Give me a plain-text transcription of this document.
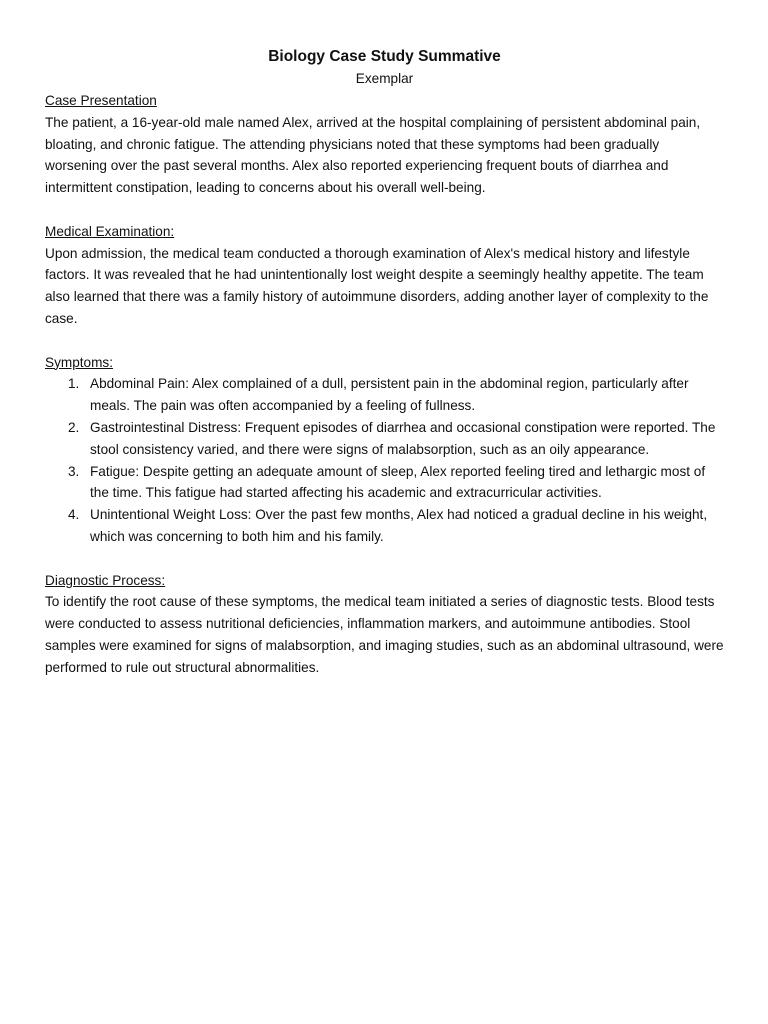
Biology Case Study Summative

Exemplar

Case Presentation

The patient, a 16-year-old male named Alex, arrived at the hospital complaining of persistent abdominal pain, bloating, and chronic fatigue. The attending physicians noted that these symptoms had been gradually worsening over the past several months. Alex also reported experiencing frequent bouts of diarrhea and intermittent constipation, leading to concerns about his overall well-being.

Medical Examination:

Upon admission, the medical team conducted a thorough examination of Alex's medical history and lifestyle factors. It was revealed that he had unintentionally lost weight despite a seemingly healthy appetite. The team also learned that there was a family history of autoimmune disorders, adding another layer of complexity to the case.

Symptoms:
1. Abdominal Pain: Alex complained of a dull, persistent pain in the abdominal region, particularly after meals. The pain was often accompanied by a feeling of fullness.
2. Gastrointestinal Distress: Frequent episodes of diarrhea and occasional constipation were reported. The stool consistency varied, and there were signs of malabsorption, such as an oily appearance.
3. Fatigue: Despite getting an adequate amount of sleep, Alex reported feeling tired and lethargic most of the time. This fatigue had started affecting his academic and extracurricular activities.
4. Unintentional Weight Loss: Over the past few months, Alex had noticed a gradual decline in his weight, which was concerning to both him and his family.
Diagnostic Process:

To identify the root cause of these symptoms, the medical team initiated a series of diagnostic tests. Blood tests were conducted to assess nutritional deficiencies, inflammation markers, and autoimmune antibodies. Stool samples were examined for signs of malabsorption, and imaging studies, such as an abdominal ultrasound, were performed to rule out structural abnormalities.
